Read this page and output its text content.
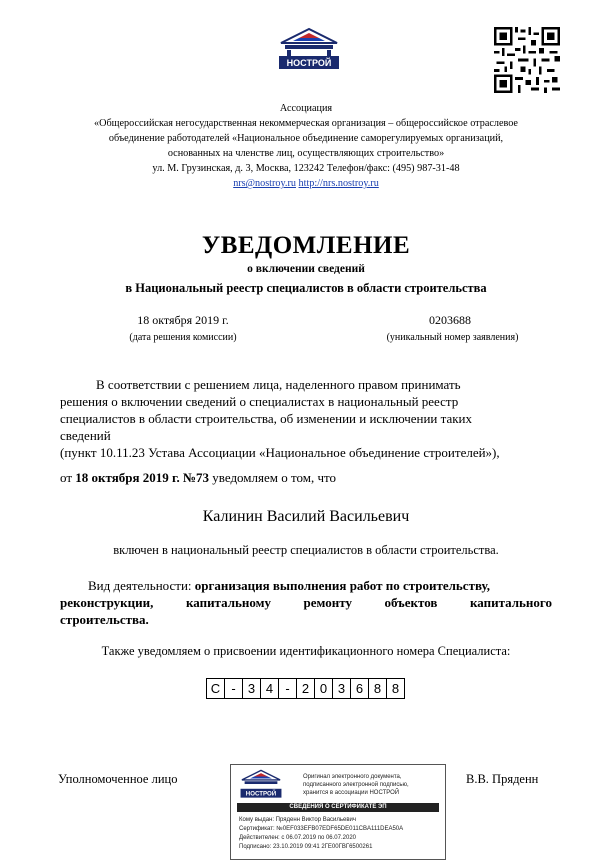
НОСТРОЙ
Ассоциация
«Общероссийская негосударственная некоммерческая организация – общероссийское отраслевое
объединение работодателей «Национальное объединение саморегулируемых организаций,
основанных на членстве лиц, осуществляющих строительство»
ул. М. Грузинская, д. 3, Москва, 123242 Телефон/факс: (495) 987-31-48
nrs@nostroy.ru http://nrs.nostroy.ru
УВЕДОМЛЕНИЕ
о включении сведений
в Национальный реестр специалистов в области строительства
18 октября 2019 г.
(дата решения комиссии)
0203688
(уникальный номер заявления)
В соответствии с решением лица, наделенного правом принимать
решения о включении сведений о специалистах в национальный реестр
специалистов в области строительства, об изменении и исключении таких
сведений
(пункт 10.11.23 Устава Ассоциации «Национальное объединение строителей»),
от 18 октября 2019 г. №73 уведомляем о том, что
Калинин Василий Васильевич
включен в национальный реестр специалистов в области строительства.
Вид деятельности: организация выполнения работ по строительству,
реконструкции, капитальному ремонту объектов капитального
строительства.
Также уведомляем о присвоении идентификационного номера Специалиста:
С - 3 4 - 2 0 3 6 8 8
Уполномоченное лицо	В.В. Пряденн
НОСТРОЙ
Оригинал электронного документа,
подписанного электронной подписью,
хранится в ассоциации НОСТРОЙ
СВЕДЕНИЯ О СЕРТИФИКАТЕ ЭП
Кому выдан: Пряденн Виктор Васильевич
Сертификат: №0EF033EFB07EDF65DE011CBA111DEA50A
Действителен: с 06.07.2019 по 06.07.2020
Подписано: 23.10.2019 09:41 2ГЕ00ГВГ6500261
